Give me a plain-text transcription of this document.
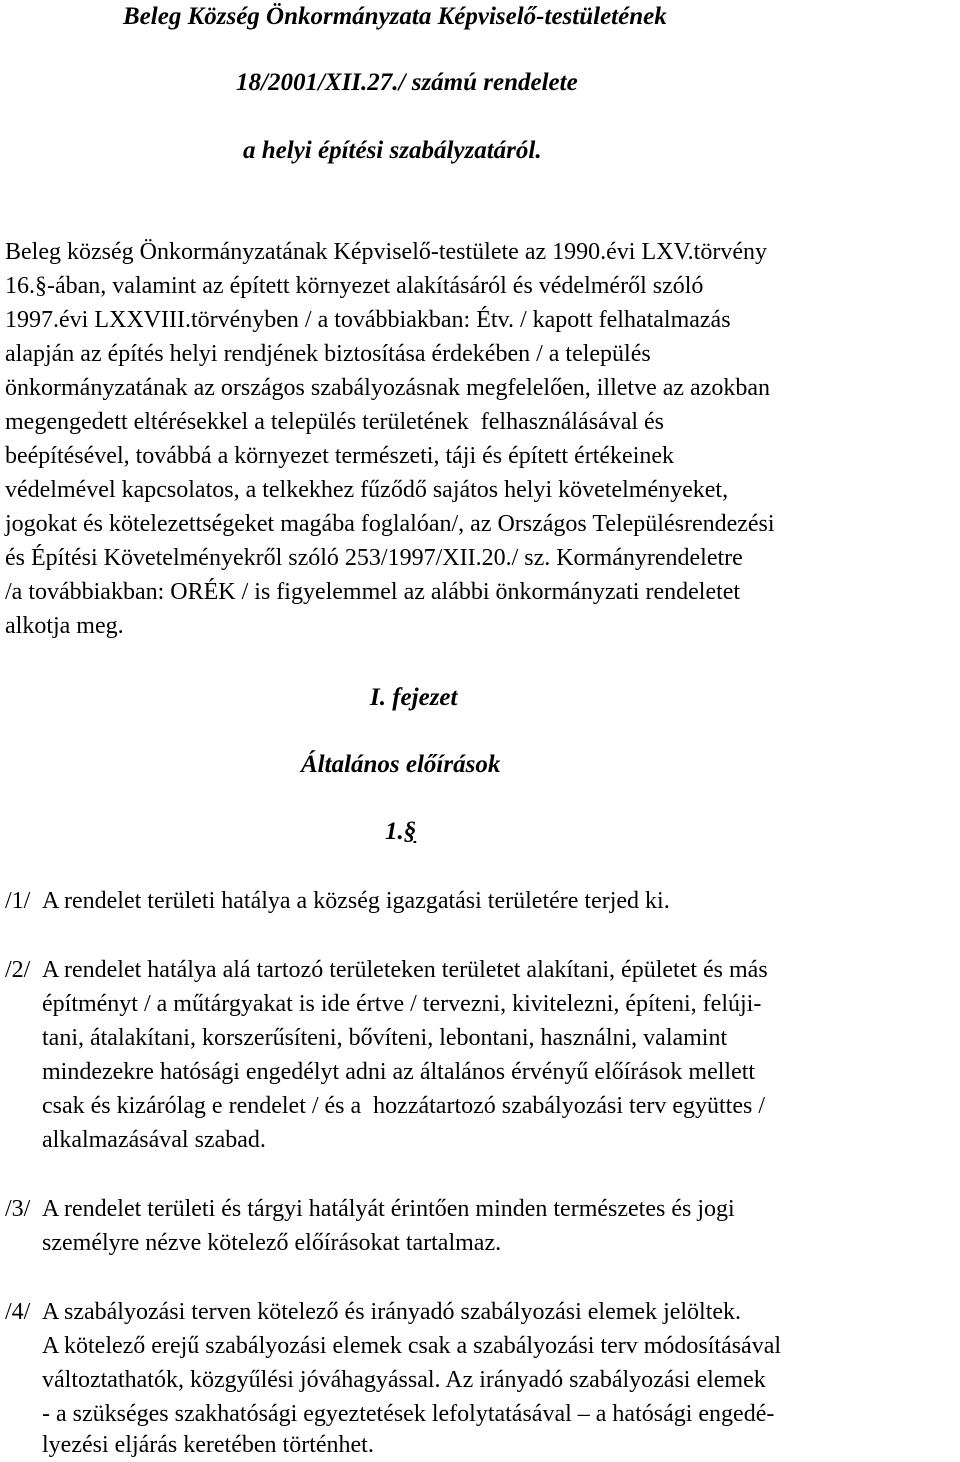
Beleg Község Önkormányzata Képviselő-testületének
18/2001/XII.27./ számú rendelete
a helyi építési szabályzatáról.
Beleg község Önkormányzatának Képviselő-testülete az 1990.évi LXV.törvény
16.§-ában, valamint az épített környezet alakításáról és védelméről szóló
1997.évi LXXVIII.törvényben / a továbbiakban: Étv. / kapott felhatalmazás
alapján az építés helyi rendjének biztosítása érdekében / a település
önkormányzatának az országos szabályozásnak megfelelően, illetve az azokban
megengedett eltérésekkel a település területének  felhasználásával és
beépítésével, továbbá a környezet természeti, táji és épített értékeinek
védelmével kapcsolatos, a telkekhez fűződő sajátos helyi követelményeket,
jogokat és kötelezettségeket magába foglalóan/, az Országos Településrendezési
és Építési Követelményekről szóló 253/1997/XII.20./ sz. Kormányrendeletre
/a továbbiakban: ORÉK / is figyelemmel az alábbi önkormányzati rendeletet
alkotja meg.
I. fejezet
Általános előírások
1.§
/1/ A rendelet területi hatálya a község igazgatási területére terjed ki.
/2/ A rendelet hatálya alá tartozó területeken területet alakítani, épületet és más
építményt / a műtárgyakat is ide értve / tervezni, kivitelezni, építeni, felúji-
tani, átalakítani, korszerűsíteni, bővíteni, lebontani, használni, valamint
mindezekre hatósági engedélyt adni az általános érvényű előírások mellett
csak és kizárólag e rendelet / és a  hozzátartozó szabályozási terv együttes /
alkalmazásával szabad.
/3/ A rendelet területi és tárgyi hatályát érintően minden természetes és jogi
személyre nézve kötelező előírásokat tartalmaz.
/4/ A szabályozási terven kötelező és irányadó szabályozási elemek jelöltek.
A kötelező erejű szabályozási elemek csak a szabályozási terv módosításával
változtathatók, közgyűlési jóváhagyással. Az irányadó szabályozási elemek
- a szükséges szakhatósági egyeztetések lefolytatásával – a hatósági engedé-
lyezési eljárás keretében történhet.
